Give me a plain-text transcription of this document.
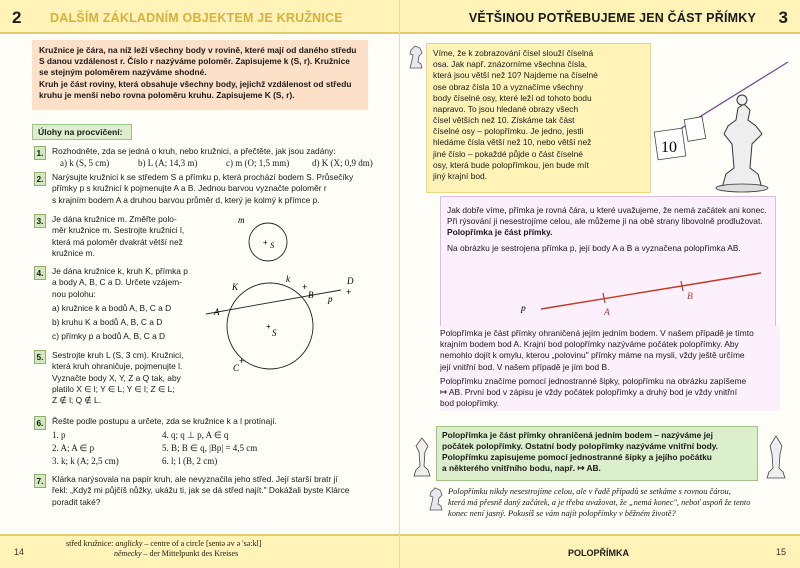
2 DALŠÍM ZÁKLADNÍM OBJEKTEM JE KRUŽNICE
Kružnice je čára, na níž leží všechny body v rovině, které mají od daného středu
S danou vzdálenost r. Číslo r nazýváme poloměr. Zapisujeme k (S, r). Kružnice
se stejným poloměrem nazýváme shodné.
Kruh je část roviny, která obsahuje všechny body, jejichž vzdálenost od středu
kruhu je menší nebo rovna poloměru kruhu. Zapisujeme K (S, r).
Úlohy na procvičení:
1. Rozhodněte, zda se jedná o kruh, nebo kružnici, a přečtěte, jak jsou zadány:
a) k (S, 5 cm)	b) L (A; 14,3 m)	c) m (O; 1,5 mm)	d) K (X; 0,9 dm)
2. Narýsujte kružnici k se středem S a přímku p, která prochází bodem S. Průsečíky
přímky p s kružnicí k pojmenujte A a B. Jednou barvou vyznačte poloměr r
s krajním bodem A a druhou barvou průměr d, který je kolmý k přímce p.
3. Je dána kružnice m. Změřte polo-
měr kružnice m. Sestrojte kružnici l,
která má poloměr dvakrát větší než
kružnice m.
m
S
+
4. Je dána kružnice k, kruh K, přímka p
a body A, B, C a D. Určete vzájem-
nou polohu:
a) kružnice k a bodů A, B, C a D
b) kruhu K a bodů A, B, C a D
c) přímky p a bodů A, B, C a D
K
k
A
B p
D
+
+
+
S
C
+
5. Sestrojte kruh L (S, 3 cm). Kružnici,
která kruh ohraničuje, pojmenujte l.
Vyznačte body X, Y, Z a Q tak, aby
platilo X ∈ l; Y ∈ L; Y ∈ l; Z ∈ L;
Z ∉ l; Q ∉ L.
6. Řešte podle postupu a určete, zda se kružnice k a l protínají.
1. p
2. A; A ∈ p
3. k; k (A; 2,5 cm)
4. q; q ⊥ p, A ∈ q
5. B; B ∈ q, |Bp| = 4,5 cm
6. l; l (B, 2 cm)
7. Klárka narýsovala na papír kruh, ale nevyznačila jeho střed. Její starší bratr jí
řekl: „Když mi půjčíš nůžky, ukážu ti, jak se dá střed najít." Dokážali byste Klárce
poradit také?
14
střed kružnice: anglicky – centre of a circle [sentə əv ə 'sə:kl]
německy – der Mittelpunkt des Kreises
VĚTŠINOU POTŘEBUJEME JEN ČÁST PŘÍMKY 3
Víme, že k zobrazování čísel slouží číselná
osa. Jak např. znázorníme všechna čísla,
která jsou větší než 10? Najdeme na číselné
ose obraz čísla 10 a vyznačíme všechny
body číselné osy, které leží od tohoto bodu
napravo. To jsou hledané obrazy všech
čísel větších než 10. Získáme tak část
číselné osy – polopřímku. Je jedno, jestli
hledáme čísla větší než 10, nebo větší než
jiné číslo – pokaždé půjde o část číselné
osy, která bude polopřímkou, jen bude mít
jiný krajní bod.
10
Jak dobře víme, přímka je rovná čára, u které uvažujeme, že nemá začátek ani konec.
Při rýsování ji nesestrojíme celou, ale můžeme ji na obě strany libovolně prodlužovat.
Polopřímka je část přímky.
Na obrázku je sestrojena přímka p, její body A a B a vyznačena polopřímka AB.
p	A
B
Polopřímka je část přímky ohraničená jejím jedním bodem. V našem případě je tímto
krajním bodem bod A. Krajní bod polopřímky nazýváme počátek polopřímky. Aby
nemohlo dojít k omylu, kterou „polovinu" přímky máme na mysli, vždy ještě určíme
její vnitřní bod. V našem případě je jím bod B.
Polopřímku značíme pomocí jednostranné šipky, polopřímku na obrázku zapíšeme
↦ AB. První bod v zápisu je vždy počátek polopřímky a druhý bod je vždy vnitřní
bod polopřímky.
Polopřímka je část přímky ohraničená jedním bodem – nazýváme jej
počátek polopřímky. Ostatní body polopřímky nazýváme vnitřní body.
Polopřímku zapisujeme pomocí jednostranné šipky a jejího počátku
a některého vnitřního bodu, např. ↦ AB.
Polopřímku nikdy nesestrojíme celou, ale v řadě případů se setkáme s rovnou čárou,
která má přesně daný začátek, a je třeba uvažovat, že „nemá konec", neboť aspoň že tento
konec není jasný. Pokusíš se vám najít polopřímky v běžném životě?
POLOPŘÍMKA	15
